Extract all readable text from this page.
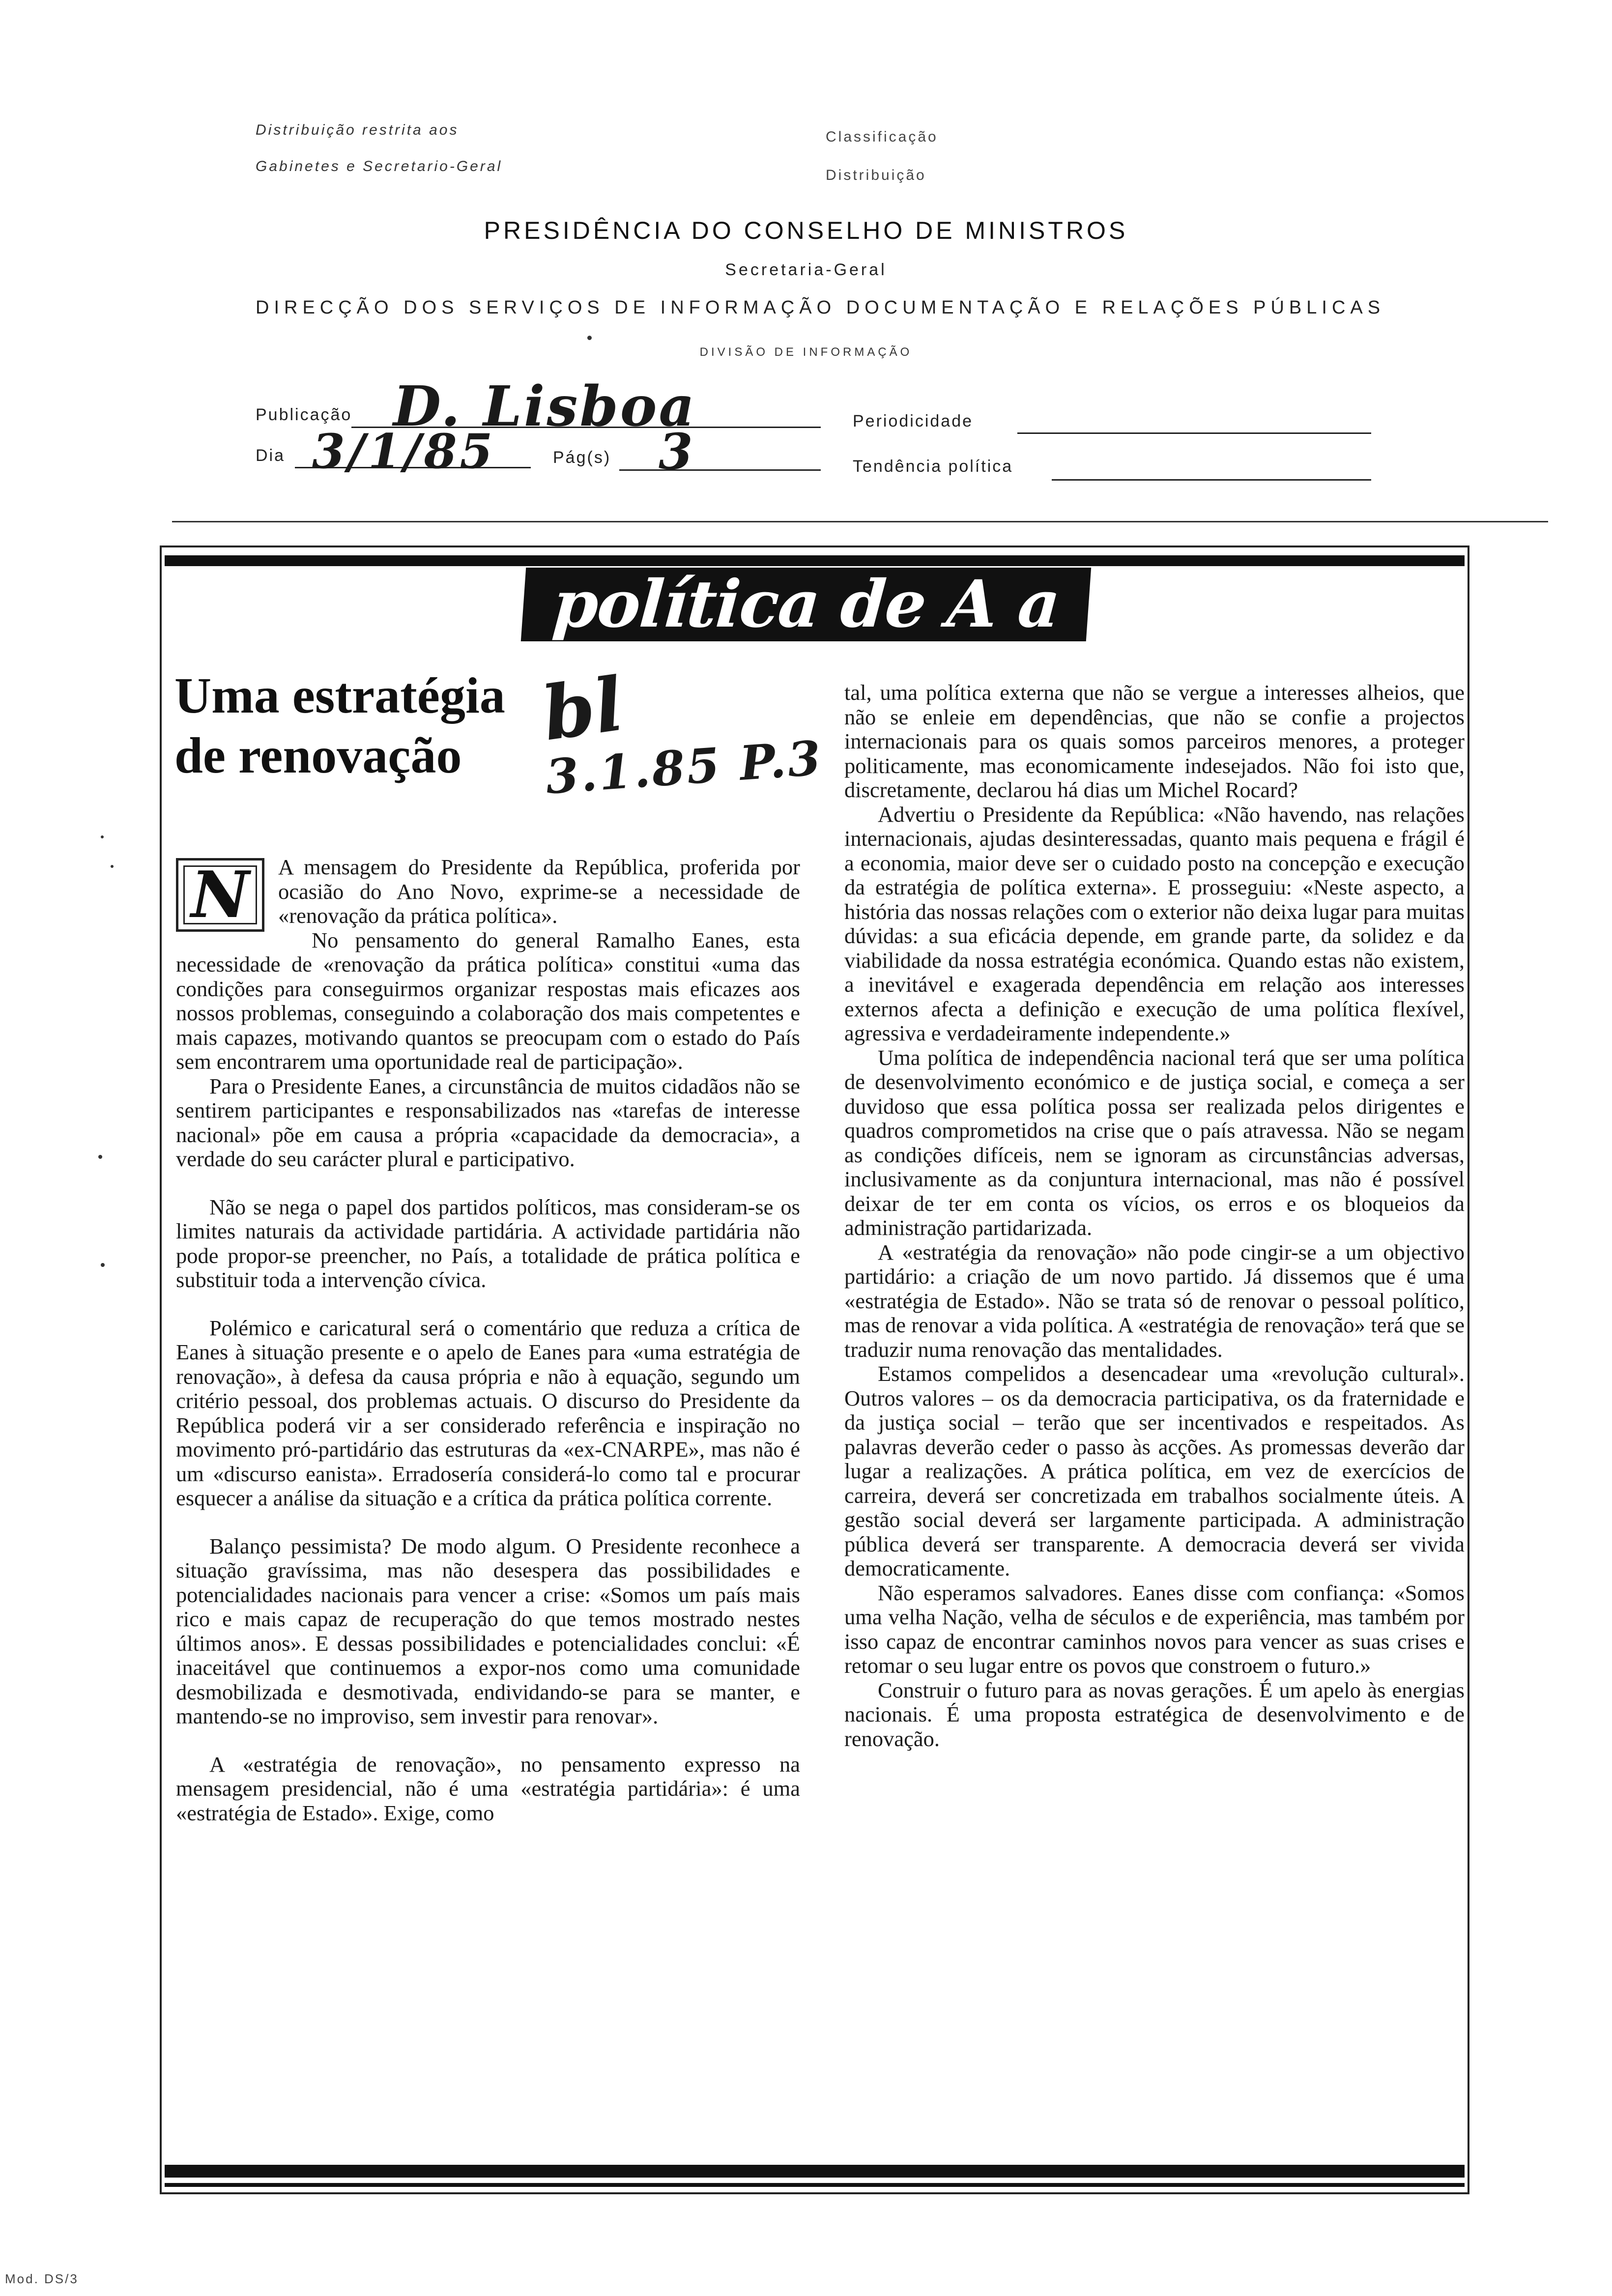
Distribuição restrita aos
Gabinetes e Secretario-Geral
Classificação
Distribuição
PRESIDÊNCIA DO CONSELHO DE MINISTROS
Secretaria-Geral
DIRECÇÃO DOS SERVIÇOS DE INFORMAÇÃO DOCUMENTAÇÃO E RELAÇÕES PÚBLICAS
DIVISÃO DE INFORMAÇÃO
Publicação D. Lisboa	Periodicidade
Dia 3/1/85	Pág(s) 3	Tendência política
política de A a Z
Uma estratégia de renovação	bl
3.1.85 P.3
N	A mensagem do Presidente da República, proferida por ocasião do Ano Novo, exprime-se a necessidade de «renovação da prática política».

No pensamento do general Ramalho Eanes, esta necessidade de «renovação da prática política» constitui «uma das condições para conseguirmos organizar respostas mais eficazes aos nossos problemas, conseguindo a colaboração dos mais competentes e mais capazes, motivando quantos se preocupam com o estado do País sem encontrarem uma oportunidade real de participação».

Para o Presidente Eanes, a circunstância de muitos cidadãos não se sentirem participantes e responsabilizados nas «tarefas de interesse nacional» põe em causa a própria «capacidade da democracia», a verdade do seu carácter plural e participativo.

Não se nega o papel dos partidos políticos, mas consideram-se os limites naturais da actividade partidária. A actividade partidária não pode propor-se preencher, no País, a totalidade de prática política e substituir toda a intervenção cívica.

Polémico e caricatural será o comentário que reduza a crítica de Eanes à situação presente e o apelo de Eanes para «uma estratégia de renovação», à defesa da causa própria e não à equação, segundo um critério pessoal, dos problemas actuais. O discurso do Presidente da República poderá vir a ser considerado referência e inspiração no movimento pró-partidário das estruturas da «ex-CNARPE», mas não é um «discurso eanista». Erradosería considerá-lo como tal e procurar esquecer a análise da situação e a crítica da prática política corrente.

Balanço pessimista? De modo algum. O Presidente reconhece a situação gravíssima, mas não desespera das possibilidades e potencialidades nacionais para vencer a crise: «Somos um país mais rico e mais capaz de recuperação do que temos mostrado nestes últimos anos». E dessas possibilidades e potencialidades conclui: «É inaceitável que continuemos a expor-nos como uma comunidade desmobilizada e desmotivada, endividando-se para se manter, e mantendo-se no improviso, sem investir para renovar».

A «estratégia de renovação», no pensamento expresso na mensagem presidencial, não é uma «estratégia partidária»: é uma «estratégia de Estado». Exige, como

tal, uma política externa que não se vergue a interesses alheios, que não se enleie em dependências, que não se confie a projectos internacionais para os quais somos parceiros menores, a proteger politicamente, mas economicamente indesejados. Não foi isto que, discretamente, declarou há dias um Michel Rocard?

Advertiu o Presidente da República: «Não havendo, nas relações internacionais, ajudas desinteressadas, quanto mais pequena e frágil é a economia, maior deve ser o cuidado posto na concepção e execução da estratégia de política externa». E prosseguiu: «Neste aspecto, a história das nossas relações com o exterior não deixa lugar para muitas dúvidas: a sua eficácia depende, em grande parte, da solidez e da viabilidade da nossa estratégia económica. Quando estas não existem, a inevitável e exagerada dependência em relação aos interesses externos afecta a definição e execução de uma política flexível, agressiva e verdadeiramente independente.»

Uma política de independência nacional terá que ser uma política de desenvolvimento económico e de justiça social, e começa a ser duvidoso que essa política possa ser realizada pelos dirigentes e quadros comprometidos na crise que o país atravessa. Não se negam as condições difíceis, nem se ignoram as circunstâncias adversas, inclusivamente as da conjuntura internacional, mas não é possível deixar de ter em conta os vícios, os erros e os bloqueios da administração partidarizada.

A «estratégia da renovação» não pode cingir-se a um objectivo partidário: a criação de um novo partido. Já dissemos que é uma «estratégia de Estado». Não se trata só de renovar o pessoal político, mas de renovar a vida política. A «estratégia de renovação» terá que se traduzir numa renovação das mentalidades.

Estamos compelidos a desencadear uma «revolução cultural». Outros valores – os da democracia participativa, os da fraternidade e da justiça social – terão que ser incentivados e respeitados. As palavras deverão ceder o passo às acções. As promessas deverão dar lugar a realizações. A prática política, em vez de exercícios de carreira, deverá ser concretizada em trabalhos socialmente úteis. A gestão social deverá ser largamente participada. A administração pública deverá ser transparente. A democracia deverá ser vivida democraticamente.

Não esperamos salvadores. Eanes disse com confiança: «Somos uma velha Nação, velha de séculos e de experiência, mas também por isso capaz de encontrar caminhos novos para vencer as suas crises e retomar o seu lugar entre os povos que constroem o futuro.»

Construir o futuro para as novas gerações. É um apelo às energias nacionais. É uma proposta estratégica de desenvolvimento e de renovação.

Mod. DS/3
